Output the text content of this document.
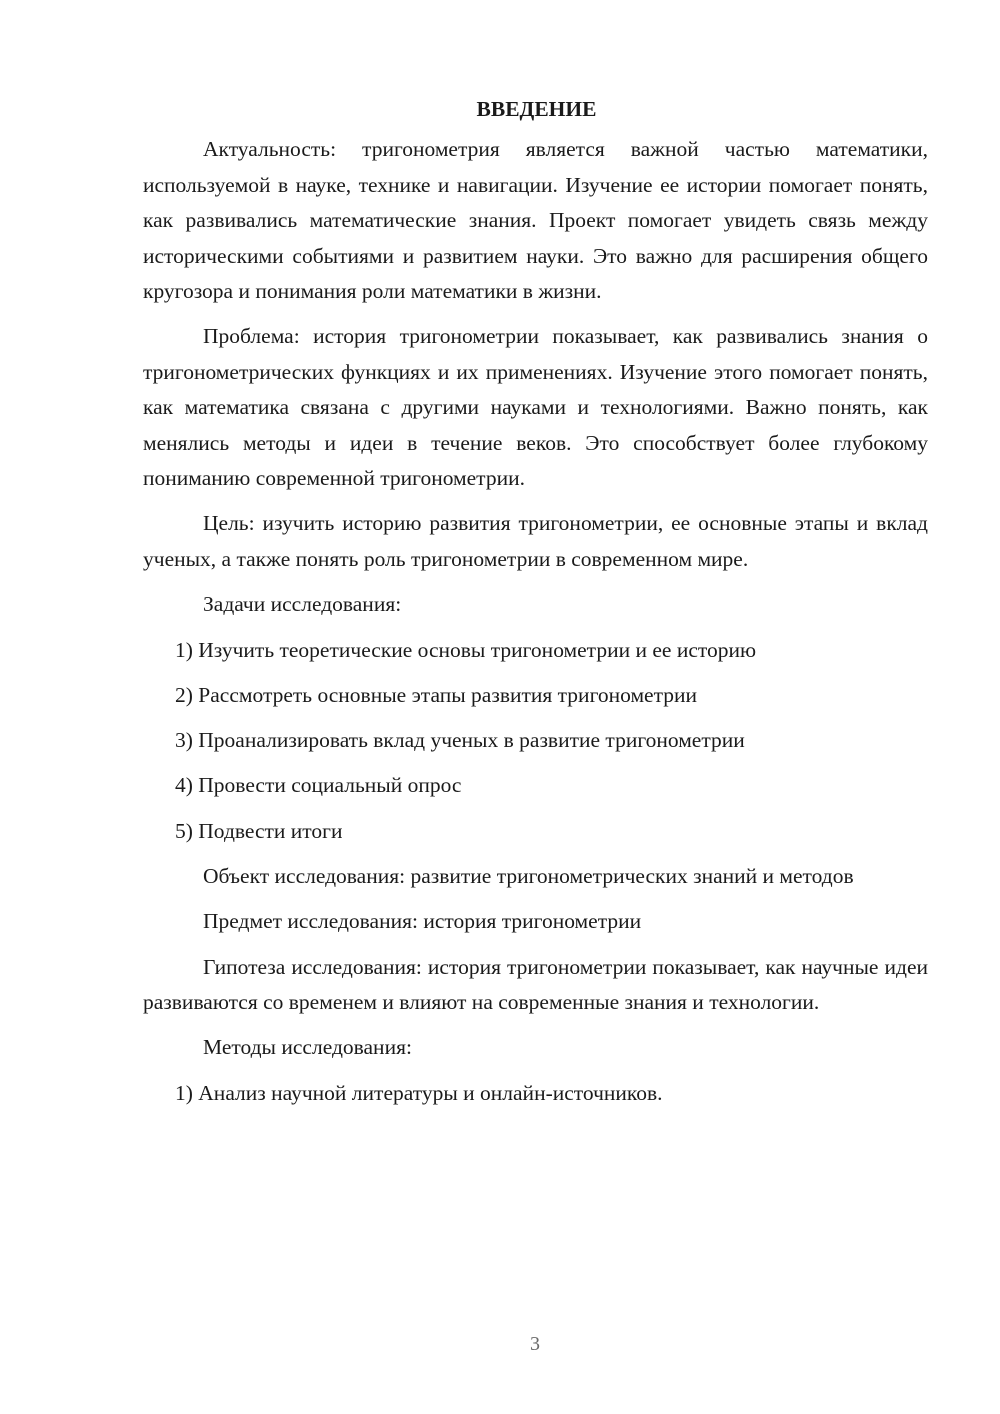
ВВЕДЕНИЕ

Актуальность: тригонометрия является важной частью математики, используемой в науке, технике и навигации. Изучение ее истории помогает понять, как развивались математические знания. Проект помогает увидеть связь между историческими событиями и развитием науки. Это важно для расширения общего кругозора и понимания роли математики в жизни.

Проблема: история тригонометрии показывает, как развивались знания о тригонометрических функциях и их применениях. Изучение этого помогает понять, как математика связана с другими науками и технологиями. Важно понять, как менялись методы и идеи в течение веков. Это способствует более глубокому пониманию современной тригонометрии.

Цель: изучить историю развития тригонометрии, ее основные этапы и вклад ученых, а также понять роль тригонометрии в современном мире.

Задачи исследования:

1) Изучить теоретические основы тригонометрии и ее историю

2) Рассмотреть основные этапы развития тригонометрии

3) Проанализировать вклад ученых в развитие тригонометрии

4) Провести социальный опрос

5) Подвести итоги

Объект исследования: развитие тригонометрических знаний и методов

Предмет исследования: история тригонометрии

Гипотеза исследования: история тригонометрии показывает, как научные идеи развиваются со временем и влияют на современные знания и технологии.

Методы исследования:

1) Анализ научной литературы и онлайн-источников.

3
